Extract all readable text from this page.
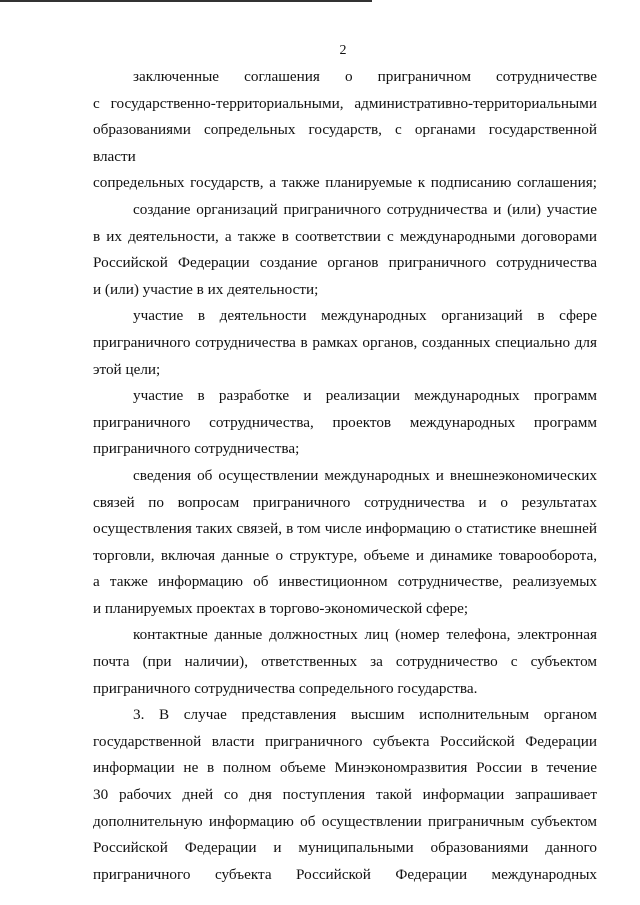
2

заключенные соглашения о приграничном сотрудничестве
с государственно-территориальными, административно-территориальными
образованиями сопредельных государств, с органами государственной власти
сопредельных государств, а также планируемые к подписанию соглашения;

создание организаций приграничного сотрудничества и (или) участие
в их деятельности, а также в соответствии с международными договорами
Российской Федерации создание органов приграничного сотрудничества
и (или) участие в их деятельности;

участие в деятельности международных организаций в сфере
приграничного сотрудничества в рамках органов, созданных специально для
этой цели;

участие в разработке и реализации международных программ
приграничного сотрудничества, проектов международных программ
приграничного сотрудничества;

сведения об осуществлении международных и внешнеэкономических
связей по вопросам приграничного сотрудничества и о результатах
осуществления таких связей, в том числе информацию о статистике внешней
торговли, включая данные о структуре, объеме и динамике товарооборота,
а также информацию об инвестиционном сотрудничестве, реализуемых
и планируемых проектах в торгово-экономической сфере;

контактные данные должностных лиц (номер телефона, электронная
почта (при наличии), ответственных за сотрудничество с субъектом
приграничного сотрудничества сопредельного государства.

3. В случае представления высшим исполнительным органом
государственной власти приграничного субъекта Российской Федерации
информации не в полном объеме Минэкономразвития России в течение
30 рабочих дней со дня поступления такой информации запрашивает
дополнительную информацию об осуществлении приграничным субъектом
Российской Федерации и муниципальными образованиями данного
приграничного субъекта Российской Федерации международных
